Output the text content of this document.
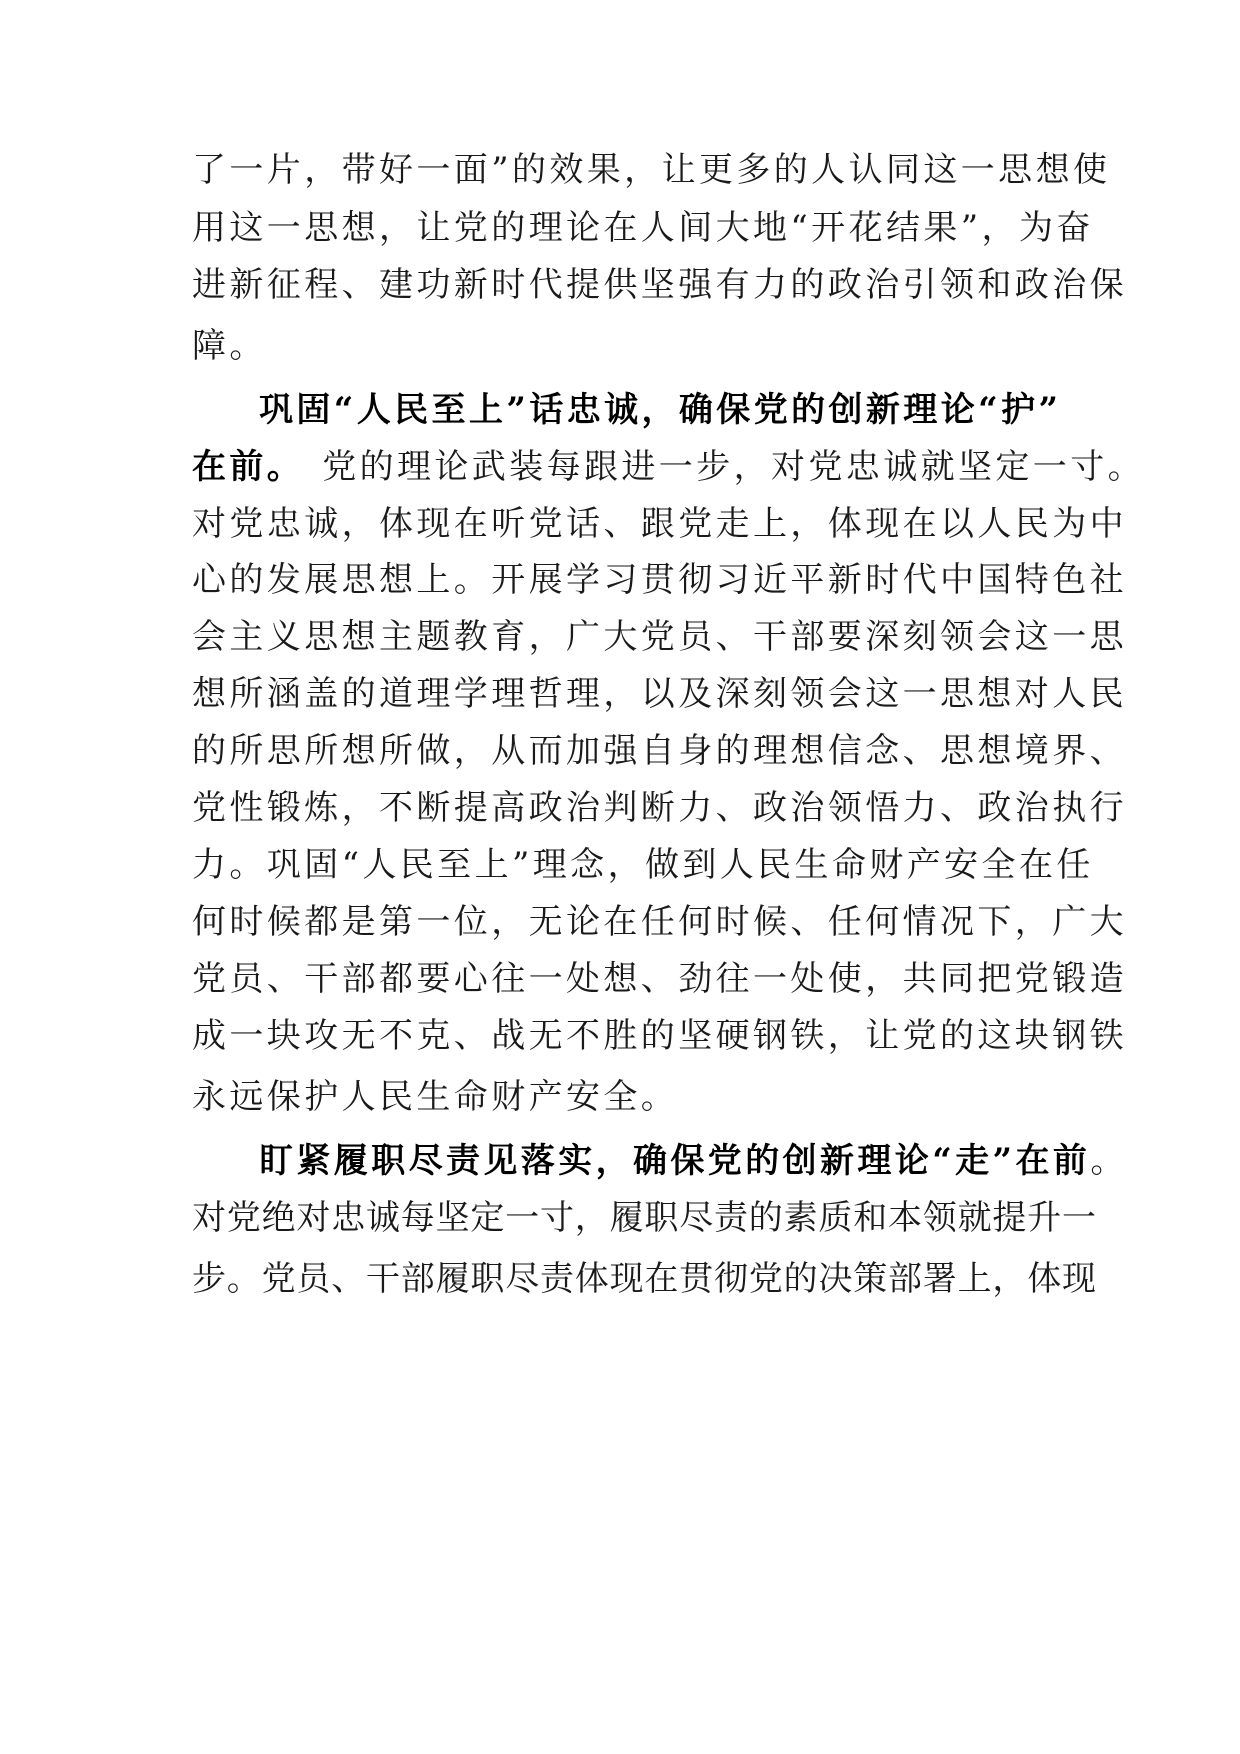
了一片，带好一面”的效果，让更多的人认同这一思想使
用这一思想，让党的理论在人间大地“开花结果”，为奋
进新征程、建功新时代提供坚强有力的政治引领和政治保
障。
巩固“人民至上”话忠诚，确保党的创新理论“护”
在前。 党的理论武装每跟进一步，对党忠诚就坚定一寸。
对党忠诚，体现在听党话、跟党走上，体现在以人民为中
心的发展思想上。开展学习贯彻习近平新时代中国特色社
会主义思想主题教育，广大党员、干部要深刻领会这一思
想所涵盖的道理学理哲理，以及深刻领会这一思想对人民
的所思所想所做，从而加强自身的理想信念、思想境界、
党性锻炼，不断提高政治判断力、政治领悟力、政治执行
力。巩固“人民至上”理念，做到人民生命财产安全在任
何时候都是第一位，无论在任何时候、任何情况下，广大
党员、干部都要心往一处想、劲往一处使，共同把党锻造
成一块攻无不克、战无不胜的坚硬钢铁，让党的这块钢铁
永远保护人民生命财产安全。
盯紧履职尽责见落实，确保党的创新理论“走”在前。
对党绝对忠诚每坚定一寸，履职尽责的素质和本领就提升一
步。党员、干部履职尽责体现在贯彻党的决策部署上，体现
